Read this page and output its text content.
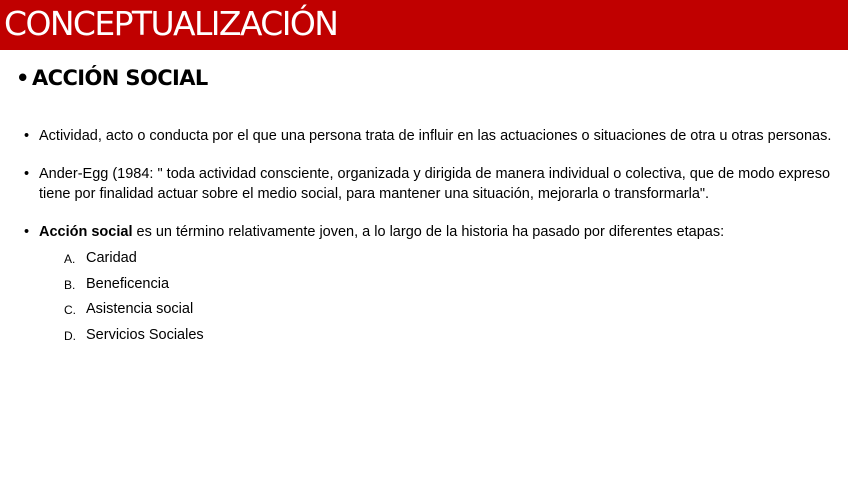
CONCEPTUALIZACIÓN
• ACCIÓN SOCIAL
• Actividad, acto o conducta por el que una persona trata de influir en las actuaciones o situaciones de otra u otras personas.
• Ander-Egg (1984: " toda actividad consciente, organizada y dirigida de manera individual o colectiva, que de modo expreso tiene por finalidad actuar sobre el medio social, para mantener una situación, mejorarla o transformarla".
• Acción social es un término relativamente joven, a lo largo de la historia ha pasado por diferentes etapas:
A. Caridad
B. Beneficencia
C. Asistencia social
D. Servicios Sociales
